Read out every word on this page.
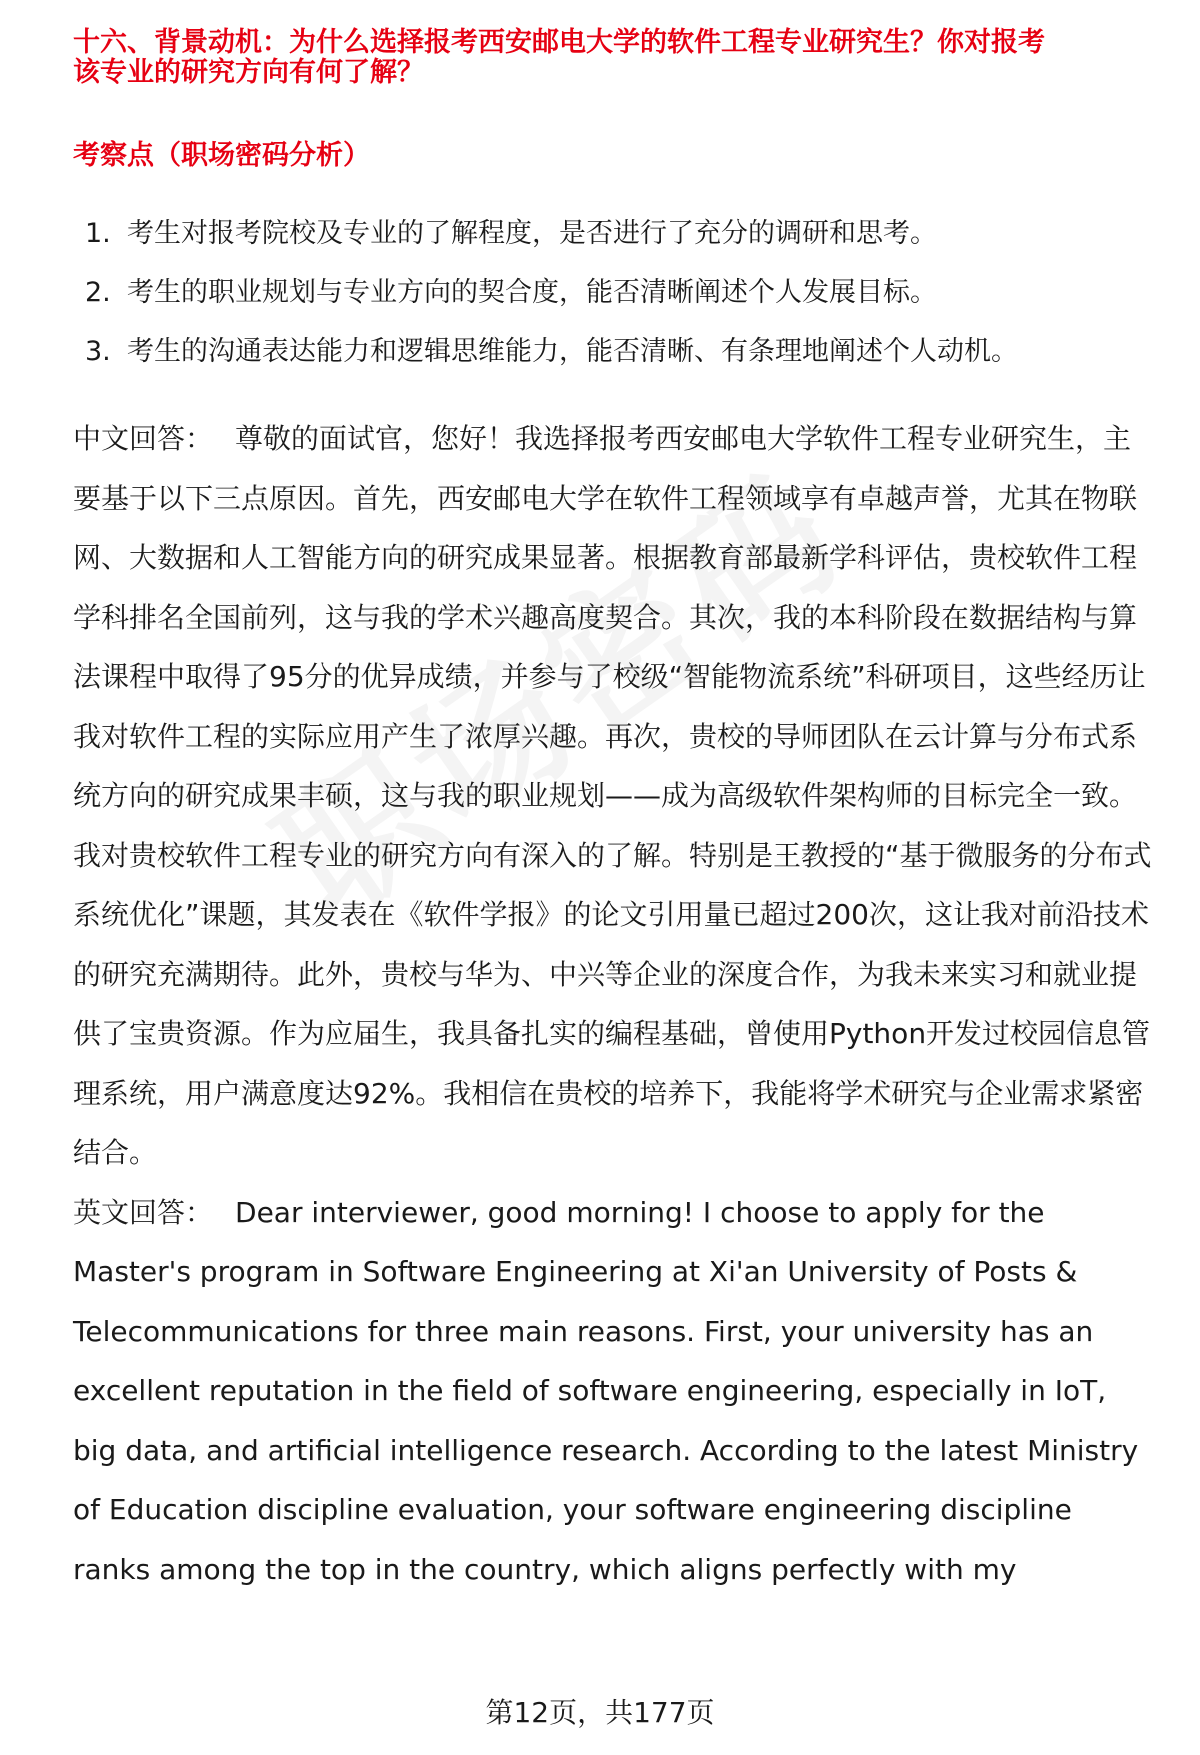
十六、背景动机：为什么选择报考西安邮电大学的软件工程专业研究生？你对报考
该专业的研究方向有何了解？

考察点（职场密码分析）
1. 考生对报考院校及专业的了解程度，是否进行了充分的调研和思考。
2. 考生的职业规划与专业方向的契合度，能否清晰阐述个人发展目标。
3. 考生的沟通表达能力和逻辑思维能力，能否清晰、有条理地阐述个人动机。

中文回答： 尊敬的面试官，您好！我选择报考西安邮电大学软件工程专业研究生，主要基于以下三点原因。首先，西安邮电大学在软件工程领域享有卓越声誉，尤其在物联网、大数据和人工智能方向的研究成果显著。根据教育部最新学科评估，贵校软件工程学科排名全国前列，这与我的学术兴趣高度契合。其次，我的本科阶段在数据结构与算法课程中取得了95分的优异成绩，并参与了校级“智能物流系统”科研项目，这些经历让我对软件工程的实际应用产生了浓厚兴趣。再次，贵校的导师团队在云计算与分布式系统方向的研究成果丰硕，这与我的职业规划——成为高级软件架构师的目标完全一致。

我对贵校软件工程专业的研究方向有深入的了解。特别是王教授的“基于微服务的分布式系统优化”课题，其发表在《软件学报》的论文引用量已超过200次，这让我对前沿技术的研究充满期待。此外，贵校与华为、中兴等企业的深度合作，为我未来实习和就业提供了宝贵资源。作为应届生，我具备扎实的编程基础，曾使用Python开发过校园信息管理系统，用户满意度达92%。我相信在贵校的培养下，我能将学术研究与企业需求紧密结合。

英文回答： Dear interviewer, good morning! I choose to apply for the Master's program in Software Engineering at Xi'an University of Posts & Telecommunications for three main reasons. First, your university has an excellent reputation in the field of software engineering, especially in IoT, big data, and artificial intelligence research. According to the latest Ministry of Education discipline evaluation, your software engineering discipline ranks among the top in the country, which aligns perfectly with my

第12页，共177页
